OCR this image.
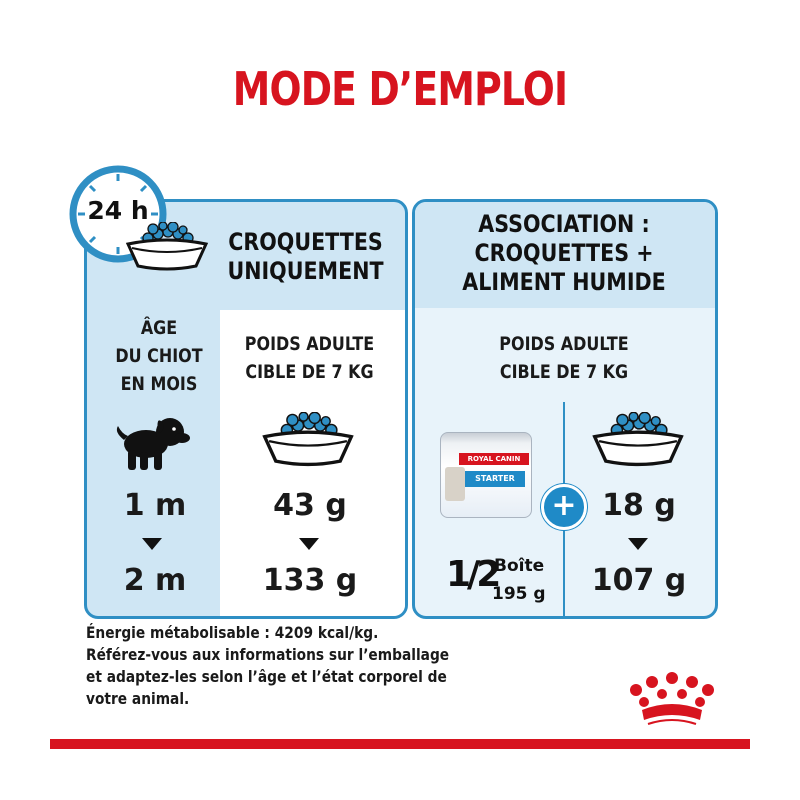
MODE D’EMPLOI
24 h
CROQUETTES
UNIQUEMENT
ÂGE
DU CHIOT
EN MOIS
POIDS ADULTE
CIBLE DE 7 KG
1 m
2 m
43 g
133 g
ASSOCIATION :
CROQUETTES +
ALIMENT HUMIDE
POIDS ADULTE
CIBLE DE 7 KG
ROYAL CANIN
STARTER
+ 18 g
107 g
1/2
Boîte
195 g
Énergie métabolisable : 4209 kcal/kg.
Référez-vous aux informations sur l’emballage
et adaptez-les selon l’âge et l’état corporel de
votre animal.
